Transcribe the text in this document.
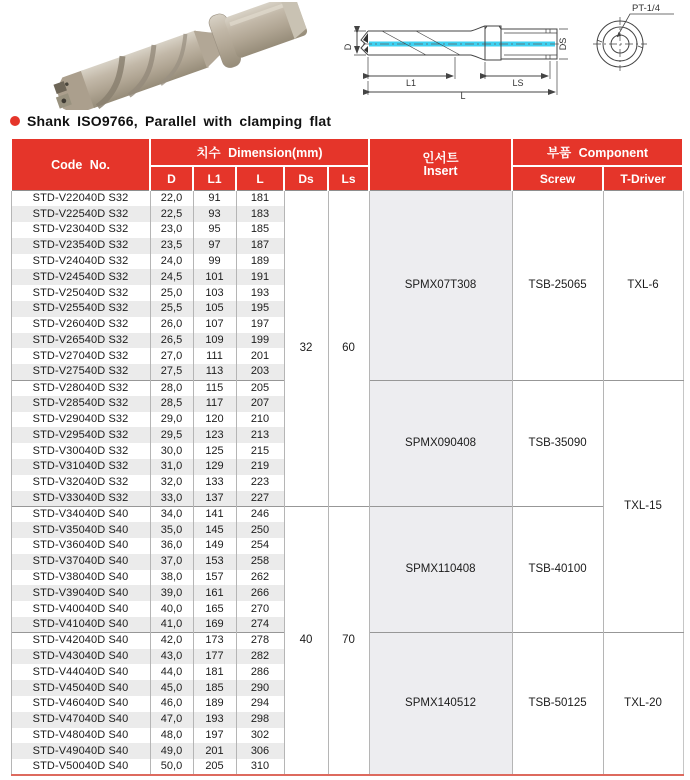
D
L1	LS
L
DS
PT-1/4
Shank ISO9766, Parallel with clamping flat
Code No.	치수 Dimension(mm)					인서트
Insert	부품 Component	
	D	L1	L	Ds	Ls		Screw	T-Driver
STD-V22040D S32	22,0	91	181	32	60	SPMX07T308	TSB-25065	TXL-6
STD-V22540D S32	22,5	93	183					
STD-V23040D S32	23,0	95	185					
STD-V23540D S32	23,5	97	187					
STD-V24040D S32	24,0	99	189					
STD-V24540D S32	24,5	101	191					
STD-V25040D S32	25,0	103	193					
STD-V25540D S32	25,5	105	195					
STD-V26040D S32	26,0	107	197					
STD-V26540D S32	26,5	109	199					
STD-V27040D S32	27,0	111	201					
STD-V27540D S32	27,5	113	203					
STD-V28040D S32	28,0	115	205			SPMX090408	TSB-35090	TXL-15
STD-V28540D S32	28,5	117	207					
STD-V29040D S32	29,0	120	210					
STD-V29540D S32	29,5	123	213					
STD-V30040D S32	30,0	125	215					
STD-V31040D S32	31,0	129	219					
STD-V32040D S32	32,0	133	223					
STD-V33040D S32	33,0	137	227					
STD-V34040D S40	34,0	141	246	40	70	SPMX110408	TSB-40100	
STD-V35040D S40	35,0	145	250					
STD-V36040D S40	36,0	149	254					
STD-V37040D S40	37,0	153	258					
STD-V38040D S40	38,0	157	262					
STD-V39040D S40	39,0	161	266					
STD-V40040D S40	40,0	165	270					
STD-V41040D S40	41,0	169	274					
STD-V42040D S40	42,0	173	278			SPMX140512	TSB-50125	TXL-20
STD-V43040D S40	43,0	177	282					
STD-V44040D S40	44,0	181	286					
STD-V45040D S40	45,0	185	290					
STD-V46040D S40	46,0	189	294					
STD-V47040D S40	47,0	193	298					
STD-V48040D S40	48,0	197	302					
STD-V49040D S40	49,0	201	306					
STD-V50040D S40	50,0	205	310					
